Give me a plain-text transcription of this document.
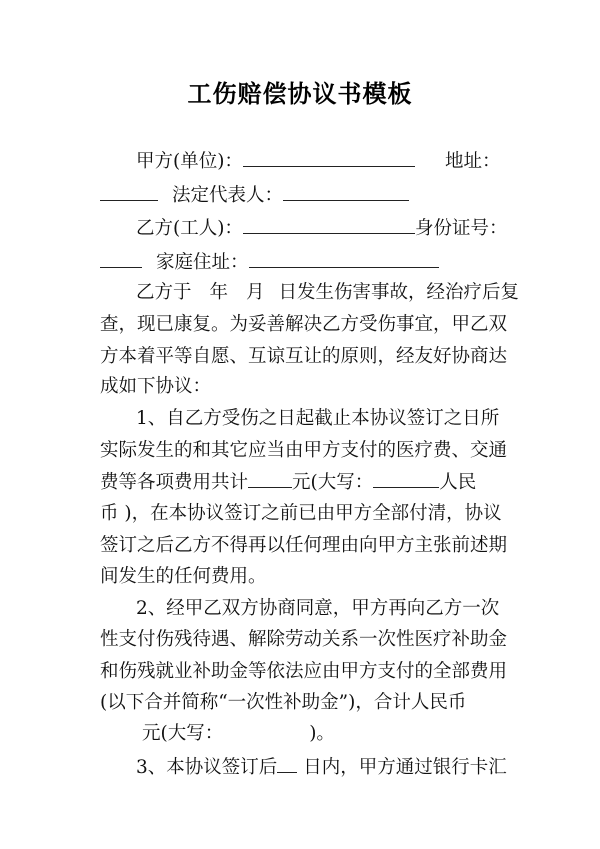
工伤赔偿协议书模板
甲方(单位)：	地址：
法定代表人：
乙方(工人)：	身份证号：
家庭住址：
乙方于 年 月 日发生伤害事故，经治疗后复
查，现已康复。为妥善解决乙方受伤事宜，甲乙双
方本着平等自愿、互谅互让的原则，经友好协商达
成如下协议：
1、自乙方受伤之日起截止本协议签订之日所
实际发生的和其它应当由甲方支付的医疗费、交通
费等各项费用共计 元(大写：	人民
币 )，在本协议签订之前已由甲方全部付清，协议
签订之后乙方不得再以任何理由向甲方主张前述期
间发生的任何费用。
2、经甲乙双方协商同意，甲方再向乙方一次
性支付伤残待遇、解除劳动关系一次性医疗补助金
和伤残就业补助金等依法应由甲方支付的全部费用
(以下合并简称“一次性补助金”)，合计人民币
元(大写：	)。
3、本协议签订后 日内，甲方通过银行卡汇
